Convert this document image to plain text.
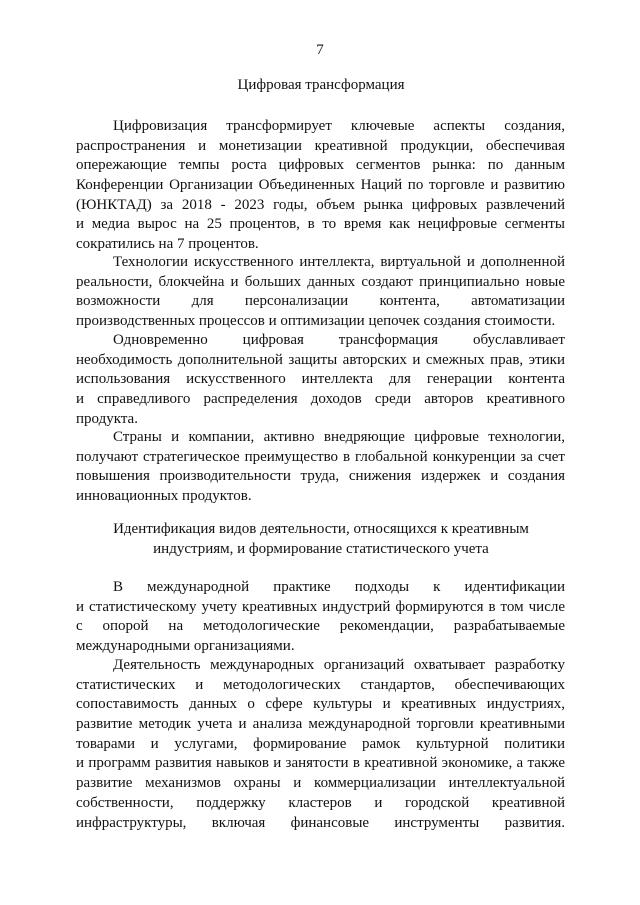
7
Цифровая трансформация
Цифровизация трансформирует ключевые аспекты создания,
распространения и монетизации креативной продукции, обеспечивая
опережающие темпы роста цифровых сегментов рынка: по данным
Конференции Организации Объединенных Наций по торговле и развитию
(ЮНКТАД) за 2018 - 2023 годы, объем рынка цифровых развлечений
и медиа вырос на 25 процентов, в то время как нецифровые сегменты
сократились на 7 процентов.
Технологии искусственного интеллекта, виртуальной и дополненной
реальности, блокчейна и больших данных создают принципиально новые
возможности для персонализации контента, автоматизации
производственных процессов и оптимизации цепочек создания стоимости.
Одновременно цифровая трансформация обуславливает
необходимость дополнительной защиты авторских и смежных прав, этики
использования искусственного интеллекта для генерации контента
и справедливого распределения доходов среди авторов креативного
продукта.
Страны и компании, активно внедряющие цифровые технологии,
получают стратегическое преимущество в глобальной конкуренции за счет
повышения производительности труда, снижения издержек и создания
инновационных продуктов.
Идентификация видов деятельности, относящихся к креативным
индустриям, и формирование статистического учета
В международной практике подходы к идентификации
и статистическому учету креативных индустрий формируются в том числе
с опорой на методологические рекомендации, разрабатываемые
международными организациями.
Деятельность международных организаций охватывает разработку
статистических и методологических стандартов, обеспечивающих
сопоставимость данных о сфере культуры и креативных индустриях,
развитие методик учета и анализа международной торговли креативными
товарами и услугами, формирование рамок культурной политики
и программ развития навыков и занятости в креативной экономике, а также
развитие механизмов охраны и коммерциализации интеллектуальной
собственности, поддержку кластеров и городской креативной
инфраструктуры, включая финансовые инструменты развития.
